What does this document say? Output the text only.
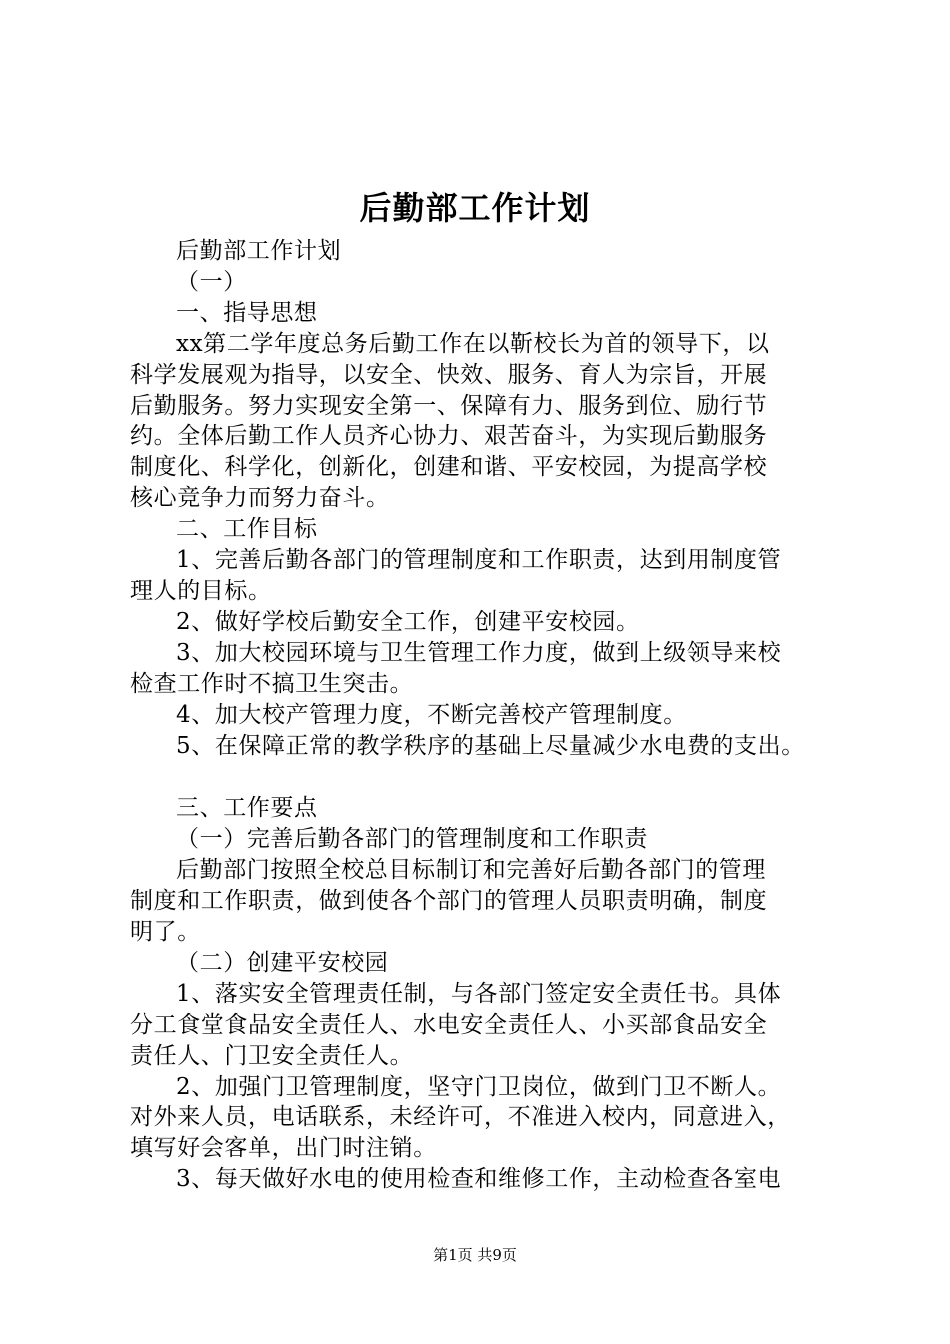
后勤部工作计划
后勤部工作计划
（一）
一、指导思想
xx第二学年度总务后勤工作在以靳校长为首的领导下，以
科学发展观为指导，以安全、快效、服务、育人为宗旨，开展
后勤服务。努力实现安全第一、保障有力、服务到位、励行节
约。全体后勤工作人员齐心协力、艰苦奋斗，为实现后勤服务
制度化、科学化，创新化，创建和谐、平安校园，为提高学校
核心竞争力而努力奋斗。
二、工作目标
1、完善后勤各部门的管理制度和工作职责，达到用制度管
理人的目标。
2、做好学校后勤安全工作，创建平安校园。
3、加大校园环境与卫生管理工作力度，做到上级领导来校
检查工作时不搞卫生突击。
4、加大校产管理力度，不断完善校产管理制度。
5、在保障正常的教学秩序的基础上尽量减少水电费的支出。
三、工作要点
（一）完善后勤各部门的管理制度和工作职责
后勤部门按照全校总目标制订和完善好后勤各部门的管理
制度和工作职责，做到使各个部门的管理人员职责明确，制度
明了。
（二）创建平安校园
1、落实安全管理责任制，与各部门签定安全责任书。具体
分工食堂食品安全责任人、水电安全责任人、小买部食品安全
责任人、门卫安全责任人。
2、加强门卫管理制度，坚守门卫岗位，做到门卫不断人。
对外来人员，电话联系，未经许可，不准进入校内，同意进入，
填写好会客单，出门时注销。
3、每天做好水电的使用检查和维修工作，主动检查各室电
第1页 共9页
